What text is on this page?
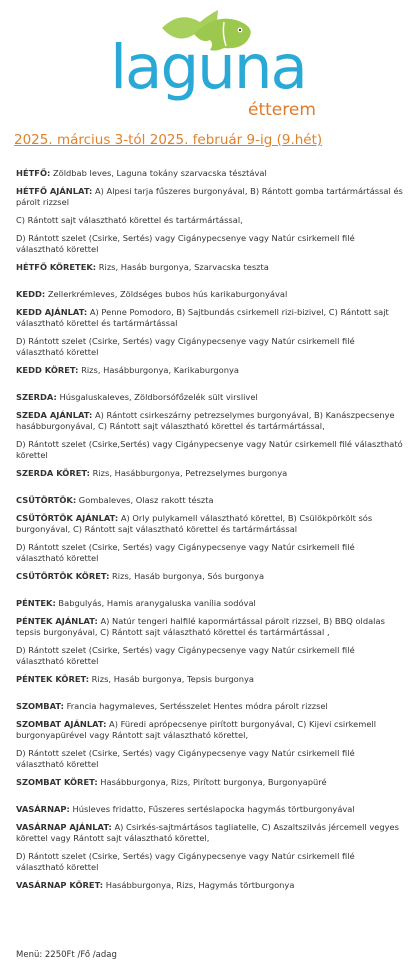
laguna
étterem
2025. március 3-tól 2025. február 9-ig (9.hét)
HÉTFŐ: Zöldbab leves, Laguna tokány szarvacska tésztával
HÉTFŐ AJÁNLAT: A) Alpesi tarja fűszeres burgonyával, B) Rántott gomba tartármártással és párolt rizzsel
C) Rántott sajt választható körettel és tartármártással,
D) Rántott szelet (Csirke, Sertés) vagy Cigánypecsenye vagy Natúr csirkemell filé választható körettel
HÉTFŐ KÖRETEK: Rizs, Hasáb burgonya, Szarvacska teszta
KEDD: Zellerkrémleves, Zöldséges bubos hús karikaburgonyával
KEDD AJÁNLAT: A) Penne Pomodoro, B) Sajtbundás csirkemell rizi-bizivel, C) Rántott sajt választható körettel és tartármártással
D) Rántott szelet (Csirke, Sertés) vagy Cigánypecsenye vagy Natúr csirkemell filé választható körettel
KEDD KÖRET: Rizs, Hasábburgonya, Karikaburgonya
SZERDA: Húsgaluskaleves, Zöldborsófőzelék sült virslivel
SZEDA AJÁNLAT: A) Rántott csirkeszárny petrezselymes burgonyával, B) Kanászpecsenye hasábburgonyával, C) Rántott sajt választható körettel és tartármártással,
D) Rántott szelet (Csirke,Sertés) vagy Cigánypecsenye vagy Natúr csirkemell filé választható körettel
SZERDA KÖRET: Rizs, Hasábburgonya, Petrezselymes burgonya
CSÜTÖRTÖK: Gombaleves, Olasz rakott tészta
CSÜTÖRTÖK AJÁNLAT: A) Orly pulykamell választható körettel, B) Csülökpörkölt sós burgonyával, C) Rántott sajt választható körettel és tartármártással
D) Rántott szelet (Csirke, Sertés) vagy Cigánypecsenye vagy Natúr csirkemell filé választható körettel
CSÜTÖRTÖK KÖRET: Rizs, Hasáb burgonya, Sós burgonya
PÉNTEK: Babgulyás, Hamis aranygaluska vanília sodóval
PÉNTEK AJÁNLAT: A) Natúr tengeri halfilé kapormártással párolt rizzsel, B) BBQ oldalas tepsis burgonyával, C) Rántott sajt választható körettel és tartármártással ,
D) Rántott szelet (Csirke, Sertés) vagy Cigánypecsenye vagy Natúr csirkemell filé választható körettel
PÉNTEK KÖRET: Rizs, Hasáb burgonya, Tepsis burgonya
SZOMBAT: Francia hagymaleves, Sertésszelet Hentes módra párolt rizzsel
SZOMBAT AJÁNLAT: A) Füredi aprópecsenye pirított burgonyával, C) Kijevi csirkemell burgonyapürével vagy Rántott sajt választható körettel,
D) Rántott szelet (Csirke, Sertés) vagy Cigánypecsenye vagy Natúr csirkemell filé választható körettel
SZOMBAT KÖRET: Hasábburgonya, Rizs, Pirított burgonya, Burgonyapüré
VASÁRNAP: Húsleves fridatto, Fűszeres sertéslapocka hagymás törtburgonyával
VASÁRNAP AJÁNLAT: A) Csirkés-sajtmártásos tagliatelle, C) Aszaltszilvás jércemell vegyes körettel vagy Rántott sajt választható körettel,
D) Rántott szelet (Csirke, Sertés) vagy Cigánypecsenye vagy Natúr csirkemell filé választható körettel
VASÁRNAP KÖRET: Hasábburgonya, Rizs, Hagymás törtburgonya
Menü: 2250Ft /Fő /adag
